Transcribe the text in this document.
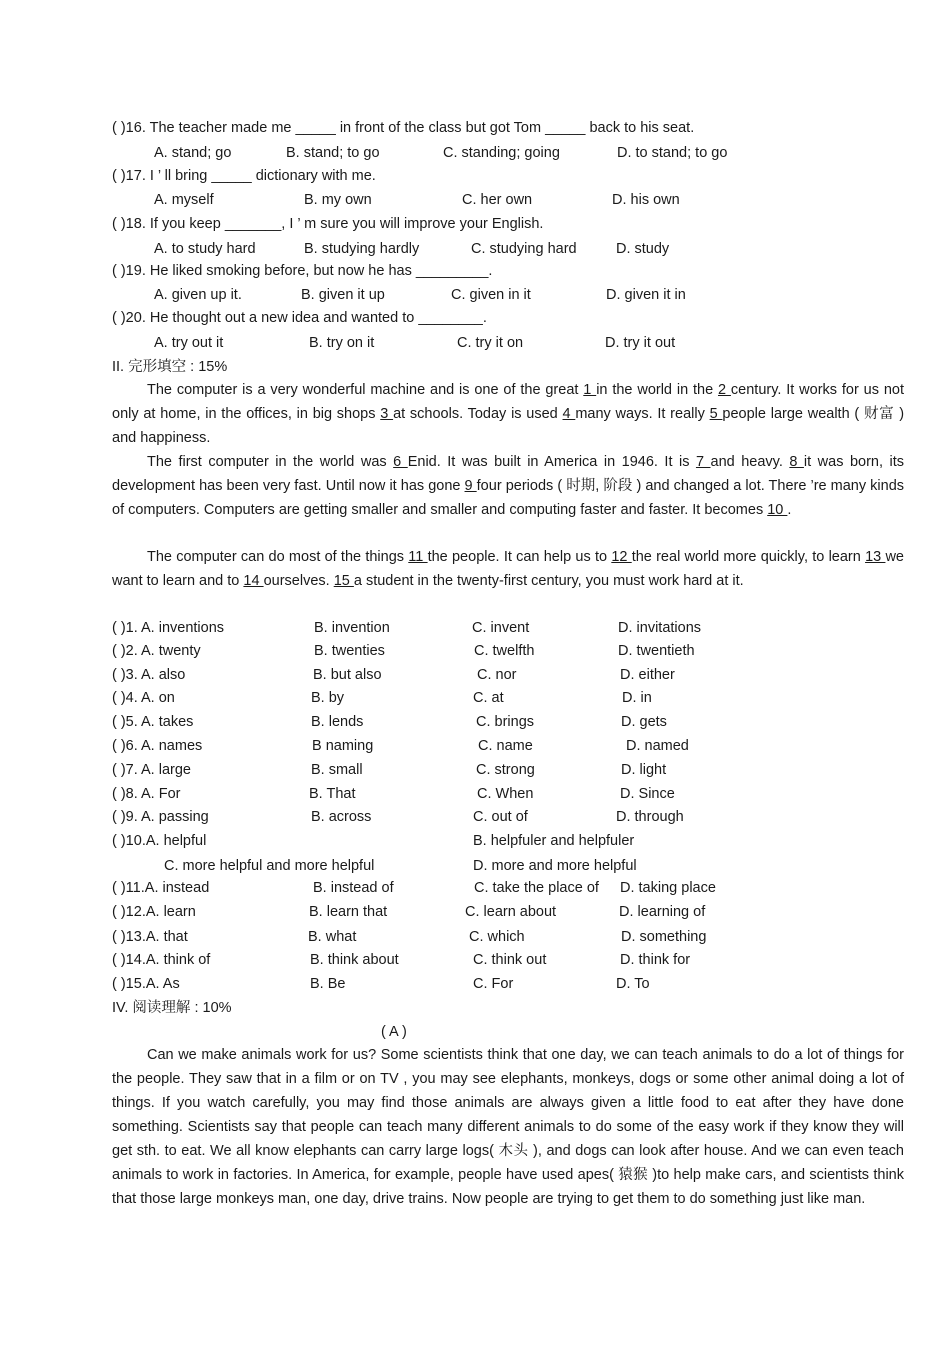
( )16. The teacher made me _____ in front of the class but got Tom _____ back to his seat.
A. stand; go	B. stand; to go	C. standing; going	D. to stand; to go
( )17. I ’ ll bring _____ dictionary with me.
A. myself	B. my own	C. her own	D. his own
( )18. If you keep _______, I ’ m sure you will improve your English.
A. to study hard	B. studying hardly	C. studying hard	D. study
( )19. He liked smoking before, but now he has _________.
A. given up it.	B. given it up	C. given in it	D. given it in
( )20. He thought out a new idea and wanted to ________.
A. try out it	B. try on it	C. try it on	D. try it out
II. 完形填空 : 15%
The computer is a very wonderful machine and is one of the great 1 in the world in the 2 century. It works for us not only at home, in the offices, in big shops 3 at schools. Today is used 4 many ways. It really 5 people large wealth ( 财富 ) and happiness.
The first computer in the world was 6 Enid. It was built in America in 1946. It is 7 and heavy. 8 it was born, its development has been very fast. Until now it has gone 9 four periods ( 时期, 阶段 ) and changed a lot. There ’re many kinds of computers. Computers are getting smaller and smaller and computing faster and faster. It becomes 10 .
The computer can do most of the things 11 the people. It can help us to 12 the real world more quickly, to learn 13 we want to learn and to 14 ourselves. 15 a student in the twenty-first century, you must work hard at it.
( )1. A. inventions	B. invention	C. invent	D. invitations
( )2. A. twenty	B. twenties	C. twelfth	D. twentieth
( )3. A. also	B. but also	C. nor	D. either
( )4. A. on	B. by	C. at	D. in
( )5. A. takes	B. lends	C. brings	D. gets
( )6. A. names	B naming	C. name	D. named
( )7. A. large	B. small	C. strong	D. light
( )8. A. For	B. That	C. When	D. Since
( )9. A. passing	B. across	C. out of	D. through
( )10.A. helpful	B. helpfuler and helpfuler
C. more helpful and more helpful	D. more and more helpful
( )11.A. instead	B. instead of	C. take the place of D. taking place
( )12.A. learn	B. learn that	C. learn about	D. learning of
( )13.A. that	B. what	C. which	D. something
( )14.A. think of	B. think about	C. think out	D. think for
( )15.A. As	B. Be	C. For	D. To
IV. 阅读理解 : 10%
( A )
Can we make animals work for us? Some scientists think that one day, we can teach animals to do a lot of things for the people. They saw that in a film or on TV , you may see elephants, monkeys, dogs or some other animal doing a lot of things. If you watch carefully, you may find those animals are always given a little food to eat after they have done something. Scientists say that people can teach many different animals to do some of the easy work if they know they will get sth. to eat. We all know elephants can carry large logs( 木头 ), and dogs can look after house. And we can even teach animals to work in factories. In America, for example, people have used apes( 猿猴 )to help make cars, and scientists think that those large monkeys man, one day, drive trains. Now people are trying to get them to do something just like man.
